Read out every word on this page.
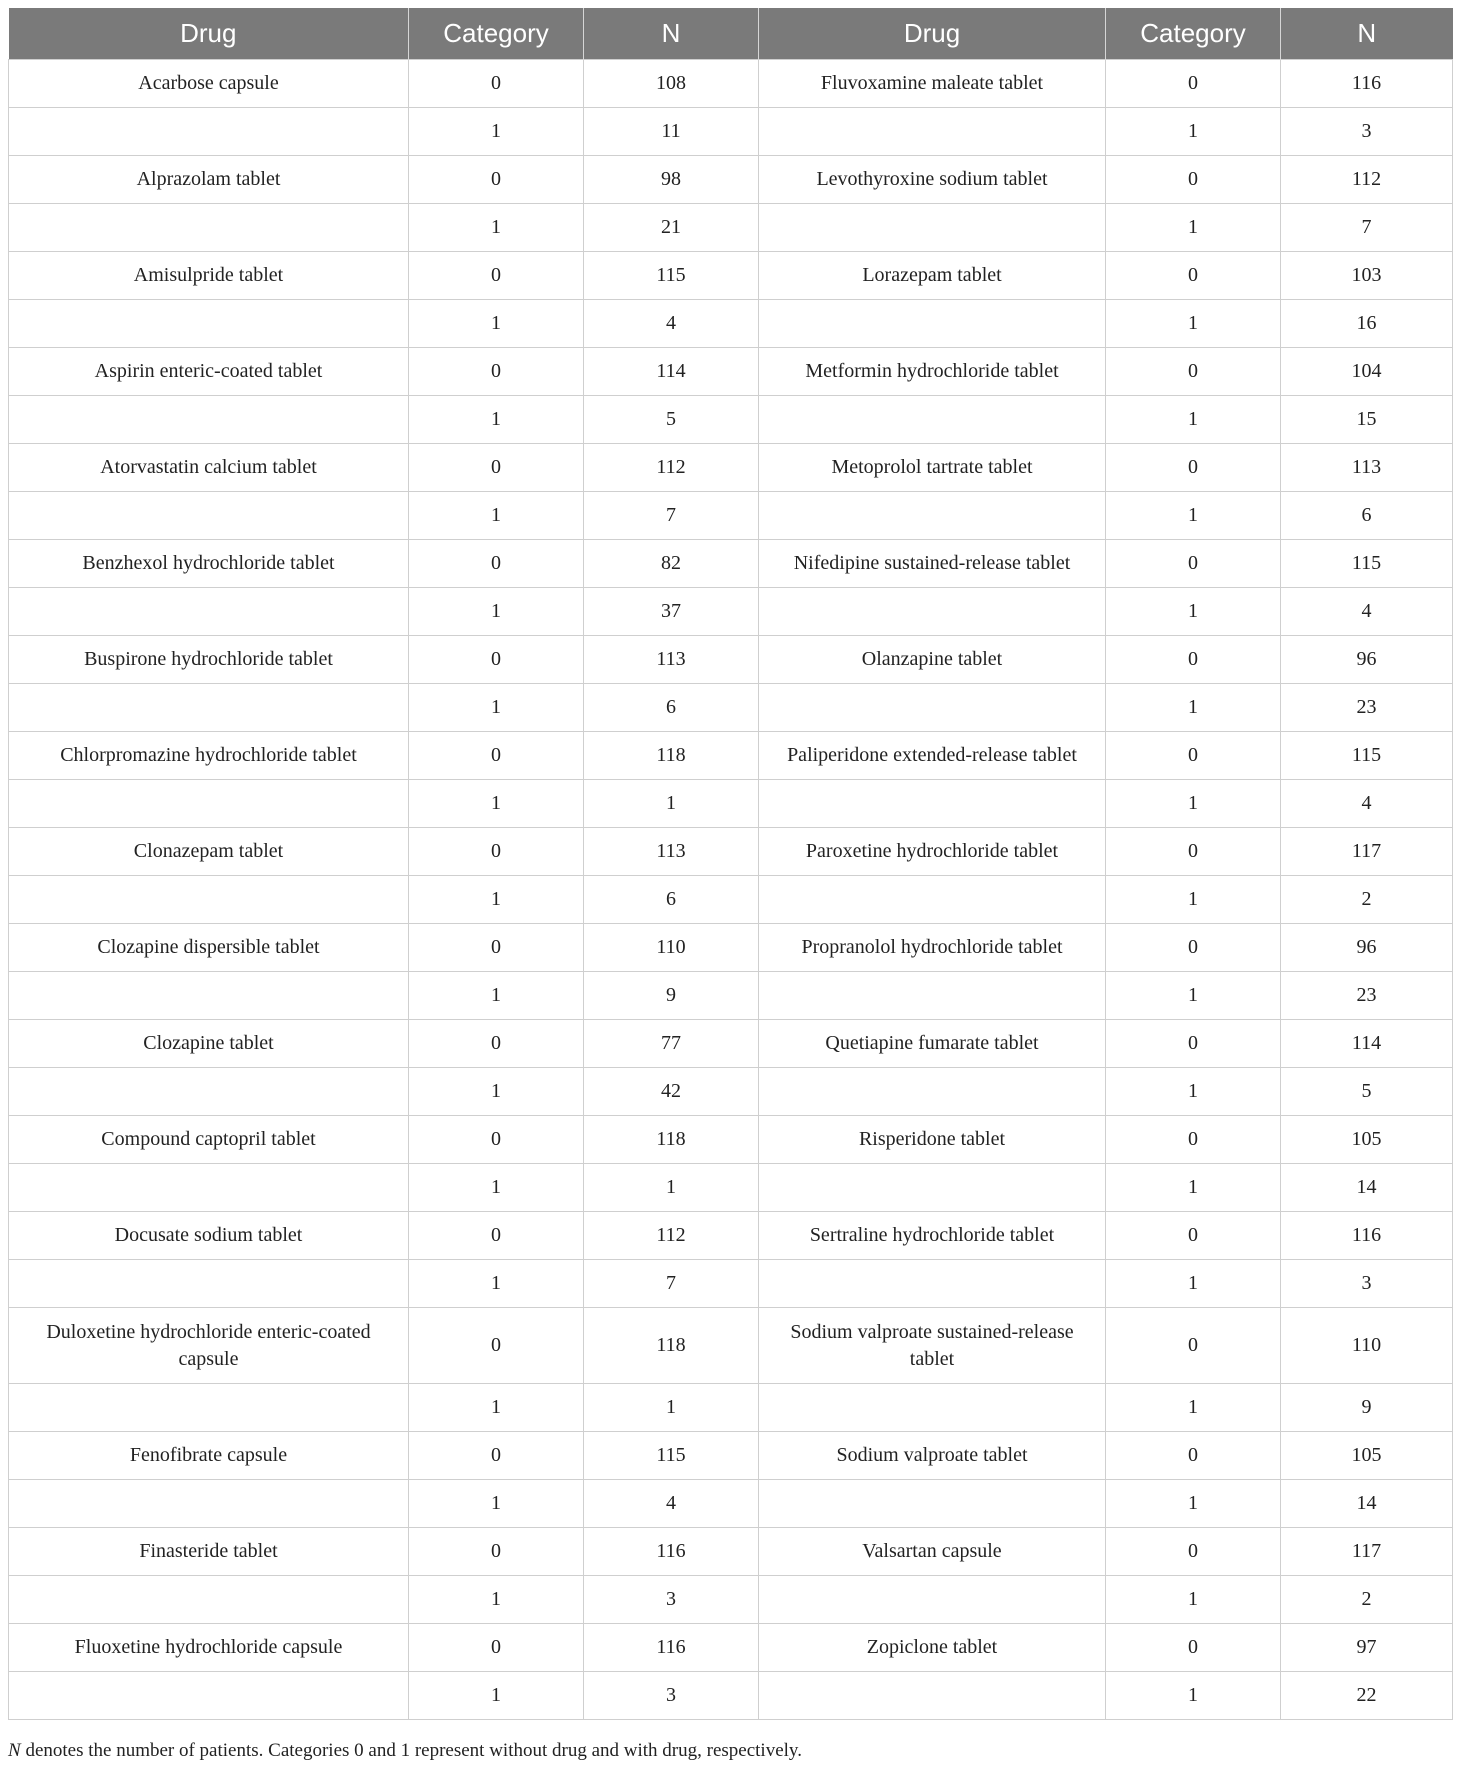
Drug	Category	N	Drug	Category	N
Acarbose capsule	0	108	Fluvoxamine maleate tablet	0	116
	1	11		1	3
Alprazolam tablet	0	98	Levothyroxine sodium tablet	0	112
	1	21		1	7
Amisulpride tablet	0	115	Lorazepam tablet	0	103
	1	4		1	16
Aspirin enteric-coated tablet	0	114	Metformin hydrochloride tablet	0	104
	1	5		1	15
Atorvastatin calcium tablet	0	112	Metoprolol tartrate tablet	0	113
	1	7		1	6
Benzhexol hydrochloride tablet	0	82	Nifedipine sustained-release tablet	0	115
	1	37		1	4
Buspirone hydrochloride tablet	0	113	Olanzapine tablet	0	96
	1	6		1	23
Chlorpromazine hydrochloride tablet	0	118	Paliperidone extended-release tablet	0	115
	1	1		1	4
Clonazepam tablet	0	113	Paroxetine hydrochloride tablet	0	117
	1	6		1	2
Clozapine dispersible tablet	0	110	Propranolol hydrochloride tablet	0	96
	1	9		1	23
Clozapine tablet	0	77	Quetiapine fumarate tablet	0	114
	1	42		1	5
Compound captopril tablet	0	118	Risperidone tablet	0	105
	1	1		1	14
Docusate sodium tablet	0	112	Sertraline hydrochloride tablet	0	116
	1	7		1	3
Duloxetine hydrochloride enteric-coated capsule	0	118	Sodium valproate sustained-release tablet	0	110
	1	1		1	9
Fenofibrate capsule	0	115	Sodium valproate tablet	0	105
	1	4		1	14
Finasteride tablet	0	116	Valsartan capsule	0	117
	1	3		1	2
Fluoxetine hydrochloride capsule	0	116	Zopiclone tablet	0	97
	1	3		1	22
N denotes the number of patients. Categories 0 and 1 represent without drug and with drug, respectively.
